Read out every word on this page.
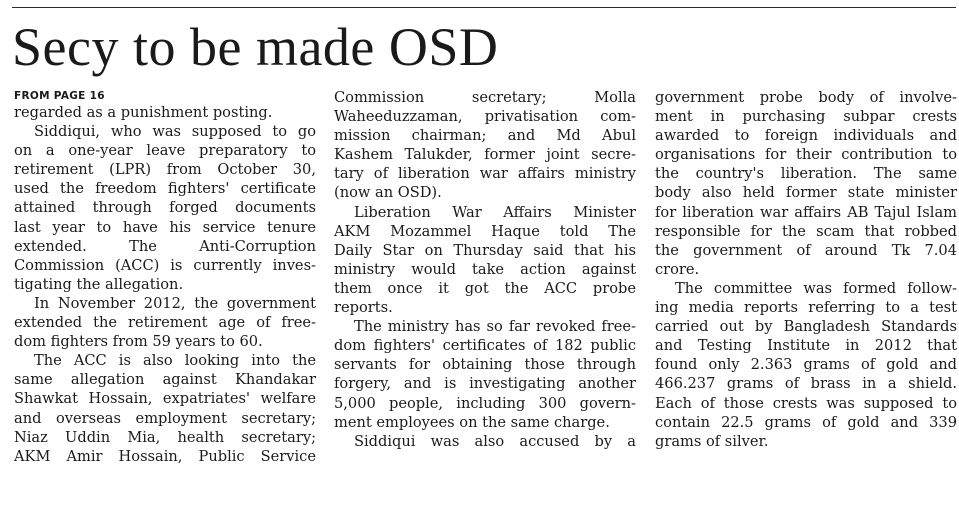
Secy to be made OSD
FROM PAGE 16
regarded as a punishment posting.
Siddiqui, who was supposed to go
on a one-year leave preparatory to
retirement (LPR) from October 30,
used the freedom fighters' certificate
attained through forged documents
last year to have his service tenure
extended. The Anti-Corruption
Commission (ACC) is currently inves-
tigating the allegation.
In November 2012, the government
extended the retirement age of free-
dom fighters from 59 years to 60.
The ACC is also looking into the
same allegation against Khandakar
Shawkat Hossain, expatriates' welfare
and overseas employment secretary;
Niaz Uddin Mia, health secretary;
AKM Amir Hossain, Public Service
Commission secretary; Molla
Waheeduzzaman, privatisation com-
mission chairman; and Md Abul
Kashem Talukder, former joint secre-
tary of liberation war affairs ministry
(now an OSD).
Liberation War Affairs Minister
AKM Mozammel Haque told The
Daily Star on Thursday said that his
ministry would take action against
them once it got the ACC probe
reports.
The ministry has so far revoked free-
dom fighters' certificates of 182 public
servants for obtaining those through
forgery, and is investigating another
5,000 people, including 300 govern-
ment employees on the same charge.
Siddiqui was also accused by a
government probe body of involve-
ment in purchasing subpar crests
awarded to foreign individuals and
organisations for their contribution to
the country's liberation. The same
body also held former state minister
for liberation war affairs AB Tajul Islam
responsible for the scam that robbed
the government of around Tk 7.04
crore.
The committee was formed follow-
ing media reports referring to a test
carried out by Bangladesh Standards
and Testing Institute in 2012 that
found only 2.363 grams of gold and
466.237 grams of brass in a shield.
Each of those crests was supposed to
contain 22.5 grams of gold and 339
grams of silver.
